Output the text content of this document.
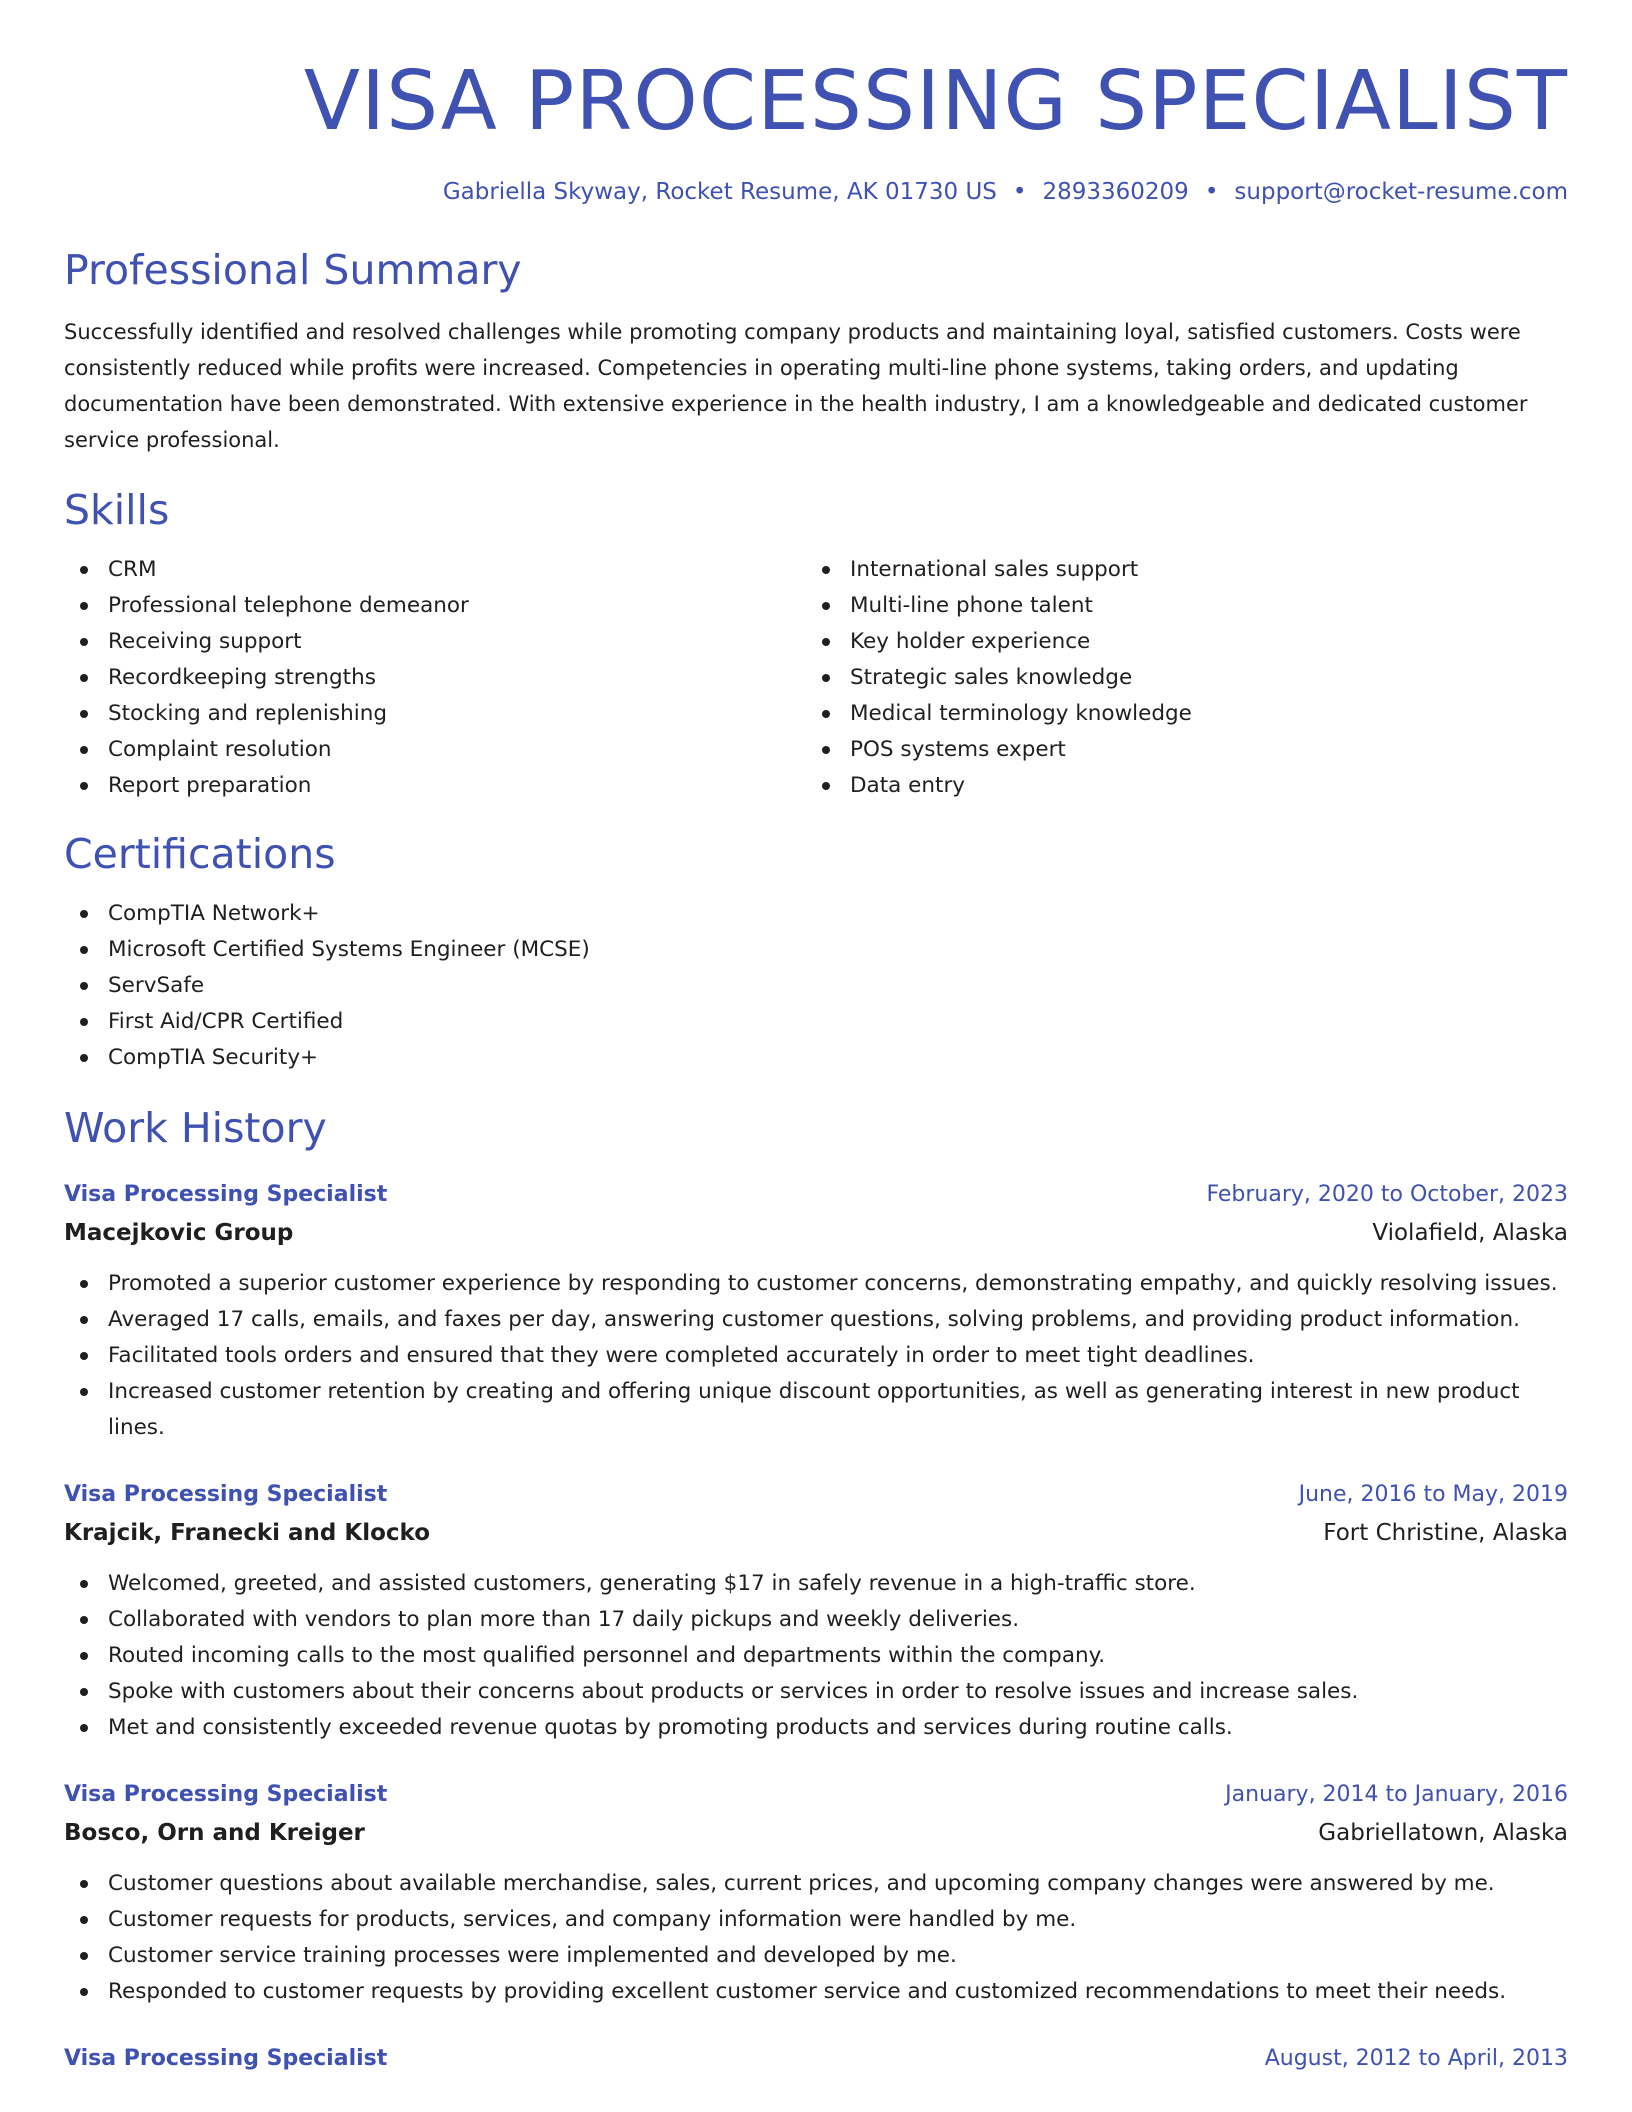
VISA PROCESSING SPECIALIST
Gabriella Skyway, Rocket Resume, AK 01730 US • 2893360209 • support@rocket-resume.com
Professional Summary
Successfully identified and resolved challenges while promoting company products and maintaining loyal, satisfied customers. Costs were consistently reduced while profits were increased. Competencies in operating multi-line phone systems, taking orders, and updating documentation have been demonstrated. With extensive experience in the health industry, I am a knowledgeable and dedicated customer service professional.
Skills
CRM
Professional telephone demeanor
Receiving support
Recordkeeping strengths
Stocking and replenishing
Complaint resolution
Report preparation
International sales support
Multi-line phone talent
Key holder experience
Strategic sales knowledge
Medical terminology knowledge
POS systems expert
Data entry
Certifications
CompTIA Network+
Microsoft Certified Systems Engineer (MCSE)
ServSafe
First Aid/CPR Certified
CompTIA Security+
Work History
Visa Processing Specialist	February, 2020 to October, 2023
Macejkovic Group	Violafield, Alaska
Promoted a superior customer experience by responding to customer concerns, demonstrating empathy, and quickly resolving issues.
Averaged 17 calls, emails, and faxes per day, answering customer questions, solving problems, and providing product information.
Facilitated tools orders and ensured that they were completed accurately in order to meet tight deadlines.
Increased customer retention by creating and offering unique discount opportunities, as well as generating interest in new product lines.
Visa Processing Specialist	June, 2016 to May, 2019
Krajcik, Franecki and Klocko	Fort Christine, Alaska
Welcomed, greeted, and assisted customers, generating $17 in safely revenue in a high-traffic store.
Collaborated with vendors to plan more than 17 daily pickups and weekly deliveries.
Routed incoming calls to the most qualified personnel and departments within the company.
Spoke with customers about their concerns about products or services in order to resolve issues and increase sales.
Met and consistently exceeded revenue quotas by promoting products and services during routine calls.
Visa Processing Specialist	January, 2014 to January, 2016
Bosco, Orn and Kreiger	Gabriellatown, Alaska
Customer questions about available merchandise, sales, current prices, and upcoming company changes were answered by me.
Customer requests for products, services, and company information were handled by me.
Customer service training processes were implemented and developed by me.
Responded to customer requests by providing excellent customer service and customized recommendations to meet their needs.
Visa Processing Specialist	August, 2012 to April, 2013
